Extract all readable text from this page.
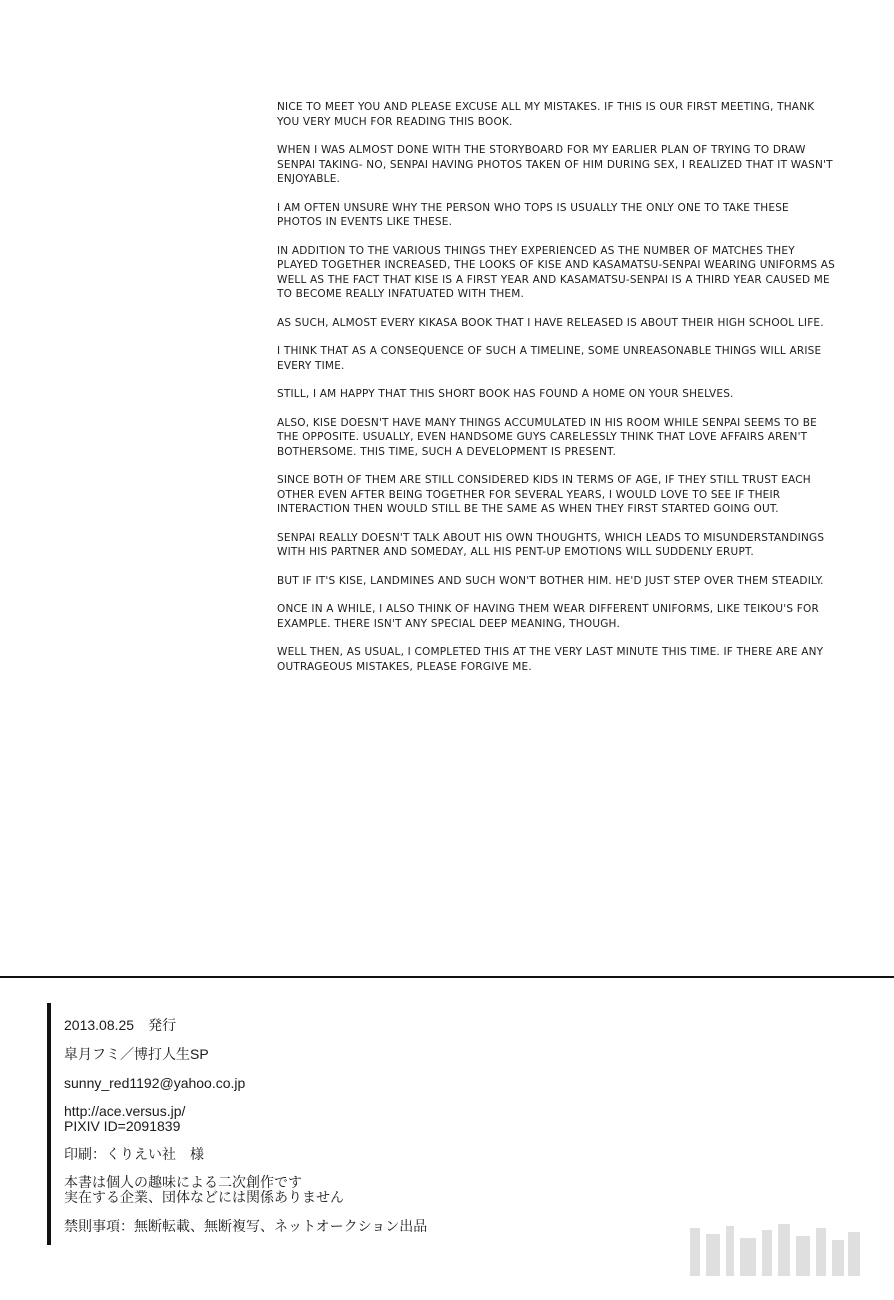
NICE TO MEET YOU AND PLEASE EXCUSE ALL MY MISTAKES. IF THIS IS OUR FIRST MEETING, THANK YOU VERY MUCH FOR READING THIS BOOK.

WHEN I WAS ALMOST DONE WITH THE STORYBOARD FOR MY EARLIER PLAN OF TRYING TO DRAW SENPAI TAKING- NO, SENPAI HAVING PHOTOS TAKEN OF HIM DURING SEX, I REALIZED THAT IT WASN'T ENJOYABLE.

I AM OFTEN UNSURE WHY THE PERSON WHO TOPS IS USUALLY THE ONLY ONE TO TAKE THESE PHOTOS IN EVENTS LIKE THESE.

IN ADDITION TO THE VARIOUS THINGS THEY EXPERIENCED AS THE NUMBER OF MATCHES THEY PLAYED TOGETHER INCREASED, THE LOOKS OF KISE AND KASAMATSU-SENPAI WEARING UNIFORMS AS WELL AS THE FACT THAT KISE IS A FIRST YEAR AND KASAMATSU-SENPAI IS A THIRD YEAR CAUSED ME TO BECOME REALLY INFATUATED WITH THEM.

AS SUCH, ALMOST EVERY KIKASA BOOK THAT I HAVE RELEASED IS ABOUT THEIR HIGH SCHOOL LIFE.

I THINK THAT AS A CONSEQUENCE OF SUCH A TIMELINE, SOME UNREASONABLE THINGS WILL ARISE EVERY TIME.

STILL, I AM HAPPY THAT THIS SHORT BOOK HAS FOUND A HOME ON YOUR SHELVES.

ALSO, KISE DOESN'T HAVE MANY THINGS ACCUMULATED IN HIS ROOM WHILE SENPAI SEEMS TO BE THE OPPOSITE. USUALLY, EVEN HANDSOME GUYS CARELESSLY THINK THAT LOVE AFFAIRS AREN'T BOTHERSOME. THIS TIME, SUCH A DEVELOPMENT IS PRESENT.

SINCE BOTH OF THEM ARE STILL CONSIDERED KIDS IN TERMS OF AGE, IF THEY STILL TRUST EACH OTHER EVEN AFTER BEING TOGETHER FOR SEVERAL YEARS, I WOULD LOVE TO SEE IF THEIR INTERACTION THEN WOULD STILL BE THE SAME AS WHEN THEY FIRST STARTED GOING OUT.

SENPAI REALLY DOESN'T TALK ABOUT HIS OWN THOUGHTS, WHICH LEADS TO MISUNDERSTANDINGS WITH HIS PARTNER AND SOMEDAY, ALL HIS PENT-UP EMOTIONS WILL SUDDENLY ERUPT.

BUT IF IT'S KISE, LANDMINES AND SUCH WON'T BOTHER HIM. HE'D JUST STEP OVER THEM STEADILY.

ONCE IN A WHILE, I ALSO THINK OF HAVING THEM WEAR DIFFERENT UNIFORMS, LIKE TEIKOU'S FOR EXAMPLE. THERE ISN'T ANY SPECIAL DEEP MEANING, THOUGH.

WELL THEN, AS USUAL, I COMPLETED THIS AT THE VERY LAST MINUTE THIS TIME. IF THERE ARE ANY OUTRAGEOUS MISTAKES, PLEASE FORGIVE ME.

2013.08.25　発行
皐月フミ／博打人生SP
sunny_red1192@yahoo.co.jp
http://ace.versus.jp/
PIXIV ID=2091839
印刷：くりえい社　様
本書は個人の趣味による二次創作です
実在する企業、団体などには関係ありません
禁則事項：無断転載、無断複写、ネットオークション出品
